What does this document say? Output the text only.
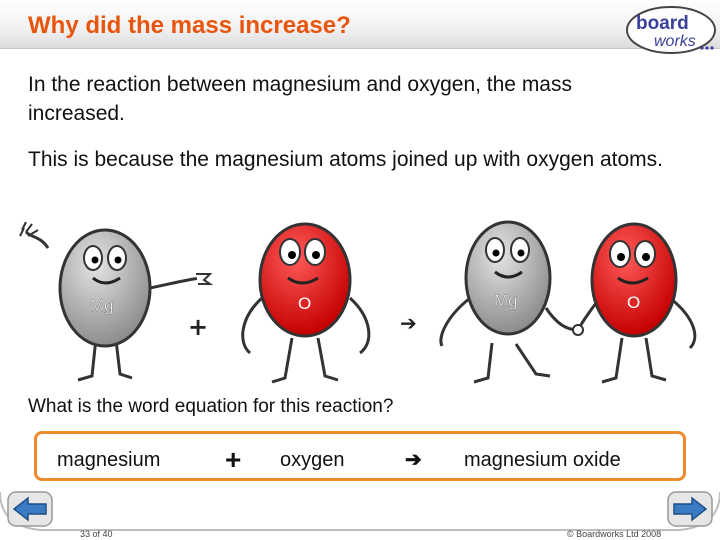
Why did the mass increase?	board
works
In the reaction between magnesium and oxygen, the mass increased.
This is because the magnesium atoms joined up with oxygen atoms.
Mg
+
O
➔
Mg	O
What is the word equation for this reaction?
magnesium + oxygen	➔ magnesium oxide
33 of 40	© Boardworks Ltd 2008
